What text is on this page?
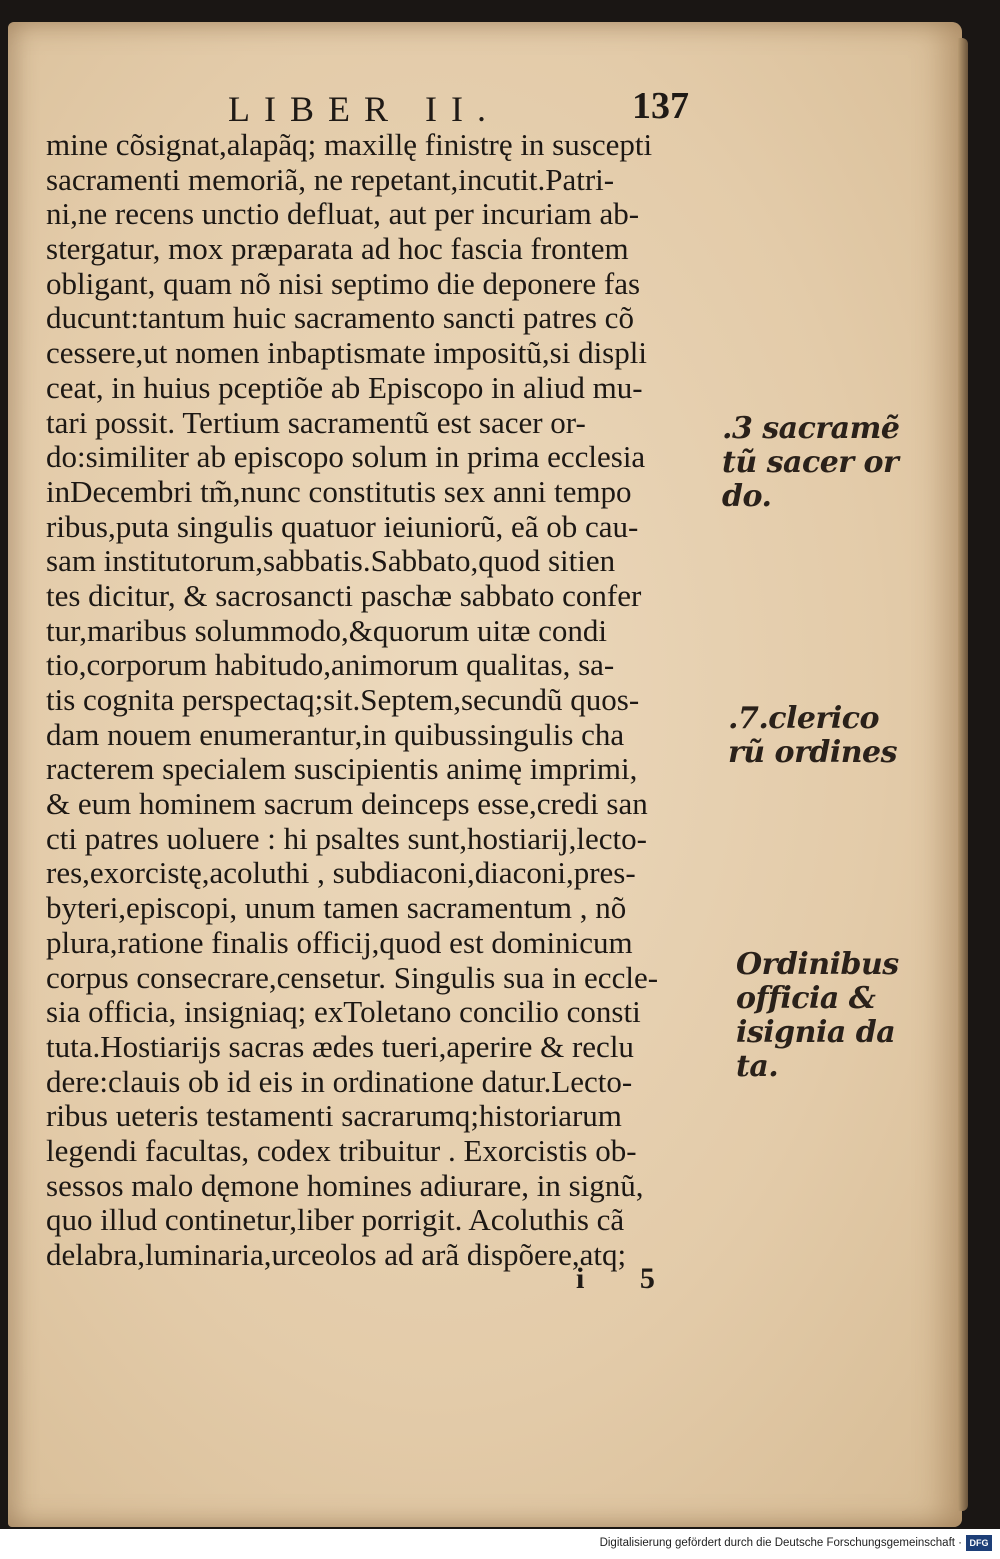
LIBER II.	137
mine cõsignat,alapãq; maxillę finistrę in suscepti
sacramenti memoriã, ne repetant,incutit.Patri-
ni,ne recens unctio defluat, aut per incuriam ab-
stergatur, mox præparata ad hoc fascia frontem
obligant, quam nõ nisi septimo die deponere fas
ducunt:tantum huic sacramento sancti patres cõ
cessere,ut nomen inbaptismate impositũ,si displi
ceat, in huius pceptiõe ab Episcopo in aliud mu-
tari possit. Tertium sacramentũ est sacer or-
do:similiter ab episcopo solum in prima ecclesia
inDecembri tm̃,nunc constitutis sex anni tempo
ribus,puta singulis quatuor ieiuniorũ, eã ob cau-
sam institutorum,sabbatis.Sabbato,quod sitien
tes dicitur, & sacrosancti paschæ sabbato confer
tur,maribus solummodo,&quorum uitæ condi
tio,corporum habitudo,animorum qualitas, sa-
tis cognita perspectaq;sit.Septem,secundũ quos-
dam nouem enumerantur,in quibussingulis cha
racterem specialem suscipientis animę imprimi,
& eum hominem sacrum deinceps esse,credi san
cti patres uoluere : hi psaltes sunt,hostiarij,lecto-
res,exorcistę,acoluthi , subdiaconi,diaconi,pres-
byteri,episcopi, unum tamen sacramentum , nõ
plura,ratione finalis officij,quod est dominicum
corpus consecrare,censetur. Singulis sua in eccle-
sia officia, insigniaq; exToletano concilio consti
tuta.Hostiarijs sacras ædes tueri,aperire & reclu
dere:clauis ob id eis in ordinatione datur.Lecto-
ribus ueteris testamenti sacrarumq;historiarum
legendi facultas, codex tribuitur . Exorcistis ob-
sessos malo dęmone homines adiurare, in signũ,
quo illud continetur,liber porrigit. Acoluthis cã
delabra,luminaria,urceolos ad arã dispõere,atq;
.3 sacramẽ
tũ sacer or
do.
.7.clerico
rũ ordines
Ordinibus
officia &
isignia da
ta.
i 5
Digitalisierung gefördert durch die Deutsche Forschungsgemeinschaft · DFG
